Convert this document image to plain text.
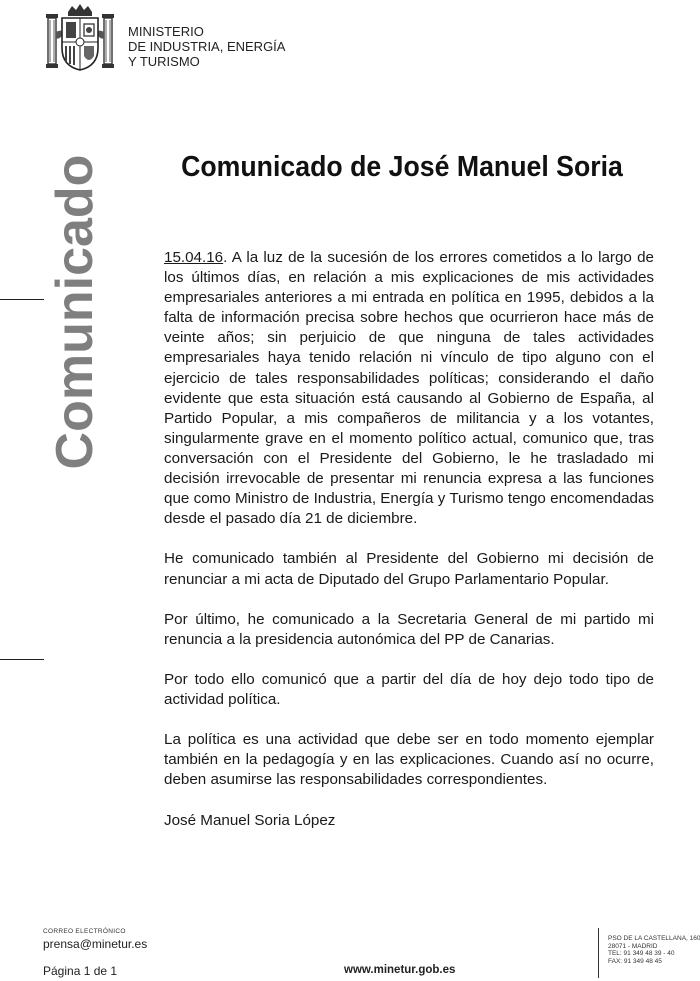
MINISTERIO
DE INDUSTRIA, ENERGÍA
Y TURISMO
Comunicado	Comunicado de José Manuel Soria

15.04.16. A la luz de la sucesión de los errores cometidos a lo largo de los últimos días, en relación a mis explicaciones de mis actividades empresariales anteriores a mi entrada en política en 1995, debidos a la falta de información precisa sobre hechos que ocurrieron hace más de veinte años; sin perjuicio de que ninguna de tales actividades empresariales haya tenido relación ni vínculo de tipo alguno con el ejercicio de tales responsabilidades políticas; considerando el daño evidente que esta situación está causando al Gobierno de España, al Partido Popular, a mis compañeros de militancia y a los votantes, singularmente grave en el momento político actual, comunico que, tras conversación con el Presidente del Gobierno, le he trasladado mi decisión irrevocable de presentar mi renuncia expresa a las funciones que como Ministro de Industria, Energía y Turismo tengo encomendadas desde el pasado día 21 de diciembre.

He comunicado también al Presidente del Gobierno mi decisión de renunciar a mi acta de Diputado del Grupo Parlamentario Popular.

Por último, he comunicado a la Secretaria General de mi partido mi renuncia a la presidencia autonómica del PP de Canarias.

Por todo ello comunicó que a partir del día de hoy dejo todo tipo de actividad política.

La política es una actividad que debe ser en todo momento ejemplar también en la pedagogía y en las explicaciones. Cuando así no ocurre, deben asumirse las responsabilidades correspondientes.

José Manuel Soria López

CORREO ELECTRÓNICO
prensa@minetur.es
Página 1 de 1	www.minetur.gob.es
PSO DE LA CASTELLANA, 160
28071 - MADRID
TEL: 91 349 48 39 - 40
FAX: 91 349 48 45
